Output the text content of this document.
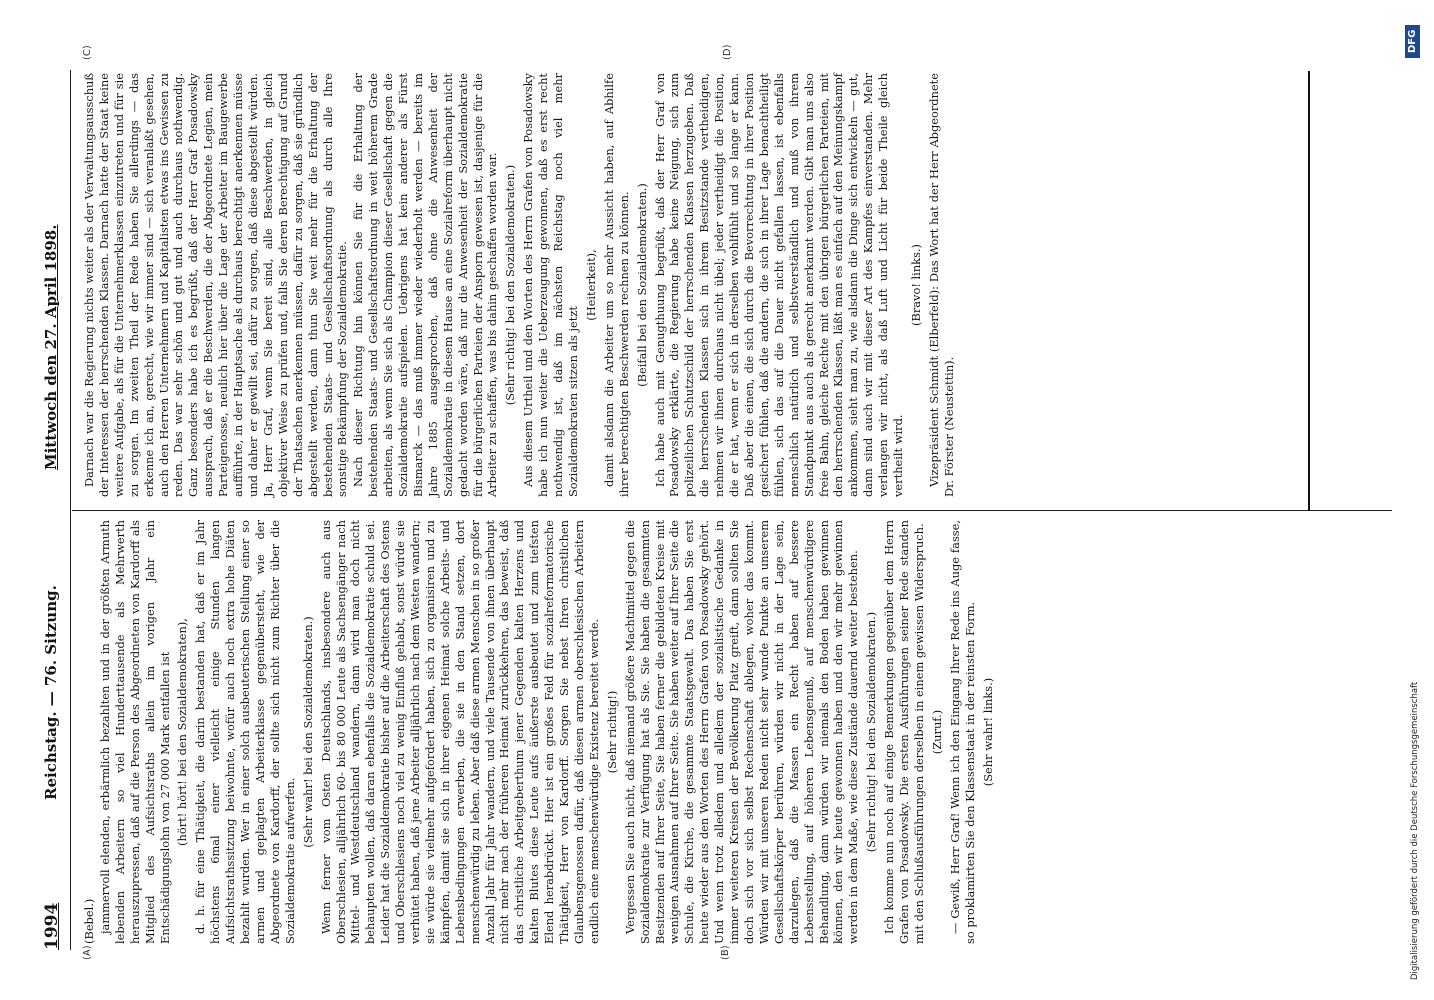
1994
Reichstag. — 76. Sitzung.
Mittwoch den 27. April 1898.
(A)	(B)
(C)	(D)

(Bebel.) jammervoll elenden, erbärmlich bezahlten und in der größten Armuth lebenden Arbeitern so viel Hunderttausende als Mehrwerth herauszupressen, daß auf die Person des Abgeordneten von Kardorff als Mitglied des Aufsichtsraths allein im vorigen Jahr ein Entschädigungslohn von 27 000 Mark entfallen ist (hört! hört! bei den Sozialdemokraten), d. h. für eine Thätigkeit, die darin bestanden hat, daß er im Jahr höchstens 6mal einer vielleicht einige Stunden langen Aufsichtsrathssitzung beiwohnte, wofür auch noch extra hohe Diäten bezahlt wurden. Wer in einer solch ausbeuterischen Stellung einer so armen und geplagten Arbeiterklasse gegenübersteht, wie der Abgeordnete von Kardorff, der sollte sich nicht zum Richter über die Sozialdemokratie aufwerfen.

(Sehr wahr! bei den Sozialdemokraten.) Wenn ferner vom Osten Deutschlands, insbesondere auch aus Oberschlesien, alljährlich 60- bis 80 000 Leute als Sachsengänger nach Mittel- und Westdeutschland wandern, dann wird man doch nicht behaupten wollen, daß daran ebenfalls die Sozialdemokratie schuld sei. Leider hat die Sozialdemokratie bisher auf die Arbeiterschaft des Ostens und Oberschlesiens noch viel zu wenig Einfluß gehabt, sonst würde sie verhütet haben, daß jene Arbeiter alljährlich nach dem Westen wandern; sie würde sie vielmehr aufgefordert haben, sich zu organisiren und zu kämpfen, damit sie sich in ihrer eigenen Heimat solche Arbeits- und Lebensbedingungen erwerben, die sie in den Stand setzen, dort menschenwürdig zu leben. Aber daß diese armen Menschen in so großer Anzahl Jahr für Jahr wandern, und viele Tausende von ihnen überhaupt nicht mehr nach der früheren Heimat zurückkehren, das beweist, daß das christliche Arbeitgeberthum jener Gegenden kalten Herzens und kalten Blutes diese Leute aufs äußerste ausbeutet und zum tiefsten Elend herabdrückt. Hier ist ein großes Feld für sozialreformatorische Thätigkeit, Herr von Kardorff. Sorgen Sie nebst Ihren christlichen Glaubensgenossen dafür, daß diesen armen oberschlesischen Arbeitern endlich eine menschenwürdige Existenz bereitet werde. (Sehr richtig!) Vergessen Sie auch nicht, daß niemand größere Machtmittel gegen die Sozialdemokratie zur Verfügung hat als Sie. Sie haben die gesammten Besitzenden auf Ihrer Seite, Sie haben ferner die gebildeten Kreise mit wenigen Ausnahmen auf Ihrer Seite. Sie haben weiter auf Ihrer Seite die Schule, die Kirche, die gesammte Staatsgewalt. Das haben Sie erst heute wieder aus den Worten des Herrn Grafen von Posadowsky gehört. Und wenn trotz alledem und alledem der sozialistische Gedanke in immer weiteren Kreisen der Bevölkerung Platz greift, dann sollten Sie doch sich vor sich selbst Rechenschaft ablegen, woher das kommt. Würden wir mit unseren Reden nicht sehr wunde Punkte an unserem Gesellschaftskörper berühren, würden wir nicht in der Lage sein, darzulegen, daß die Massen ein Recht haben auf bessere Lebensstellung, auf höheren Lebensgenuß, auf menschenwürdigere Behandlung, dann würden wir niemals den Boden haben gewinnen können, den wir heute gewonnen haben und den wir mehr gewinnen werden in dem Maße, wie diese Zustände dauernd weiter bestehen. (Sehr richtig! bei den Sozialdemokraten.) Ich komme nun noch auf einige Bemerkungen gegenüber dem Herrn Grafen von Posadowsky. Die ersten Ausführungen seiner Rede standen mit den Schlußausführungen derselben in einem gewissen Widerspruch. (Zuruf.) — Gewiß, Herr Graf! Wenn ich den Eingang Ihrer Rede ins Auge fasse, so proklamirten Sie den Klassenstaat in der reinsten Form. (Sehr wahr! links.)

Darnach war die Regierung nichts weiter als der Verwaltungsausschuß der Interessen der herrschenden Klassen. Darnach hatte der Staat keine weitere Aufgabe, als für die Unternehmerklassen einzutreten und für sie zu sorgen. Im zweiten Theil der Rede haben Sie allerdings — das erkenne ich an, gerecht, wie wir immer sind — sich veranlaßt gesehen, auch den Herren Unternehmern und Kapitalisten etwas ins Gewissen zu reden. Das war sehr schön und gut und auch durchaus nothwendig. Ganz besonders habe ich es begrüßt, daß der Herr Graf Posadowsky aussprach, daß er die Beschwerden, die der Abgeordnete Legien, mein Parteigenosse, neulich hier über die Lage der Arbeiter im Baugewerbe aufführte, in der Hauptsache als durchaus berechtigt anerkennen müsse und daher er gewillt sei, dafür zu sorgen, daß diese abgestellt würden. Ja, Herr Graf, wenn Sie bereit sind, alle Beschwerden, in gleich objektiver Weise zu prüfen und, falls Sie deren Berechtigung auf Grund der Thatsachen anerkennen müssen, dafür zu sorgen, daß sie gründlich abgestellt werden, dann thun Sie weit mehr für die Erhaltung der bestehenden Staats- und Gesellschaftsordnung als durch alle Ihre sonstige Bekämpfung der Sozialdemokratie. Nach dieser Richtung hin können Sie für die Erhaltung der bestehenden Staats- und Gesellschaftsordnung in weit höherem Grade arbeiten, als wenn Sie sich als Champion dieser Gesellschaft gegen die Sozialdemokratie aufspielen. Uebrigens hat kein anderer als Fürst Bismarck — das muß immer wieder wiederholt werden — bereits im Jahre 1885 ausgesprochen, daß ohne die Anwesenheit der Sozialdemokratie in diesem Hause an eine Sozialreform überhaupt nicht gedacht worden wäre, daß nur die Anwesenheit der Sozialdemokratie für die bürgerlichen Parteien der Ansporn gewesen ist, dasjenige für die Arbeiter zu schaffen, was bis dahin geschaffen worden war. (Sehr richtig! bei den Sozialdemokraten.) Aus diesem Urtheil und den Worten des Herrn Grafen von Posadowsky habe ich nun weiter die Ueberzeugung gewonnen, daß es erst recht nothwendig ist, daß im nächsten Reichstag noch viel mehr Sozialdemokraten sitzen als jetzt

(Heiterkeit), damit alsdann die Arbeiter um so mehr Aussicht haben, auf Abhilfe ihrer berechtigten Beschwerden rechnen zu können. (Beifall bei den Sozialdemokraten.) Ich habe auch mit Genugthuung begrüßt, daß der Herr Graf von Posadowsky erklärte, die Regierung habe keine Neigung, sich zum polizeilichen Schutzschild der herrschenden Klassen herzugeben. Daß die herrschenden Klassen sich in ihrem Besitzstande vertheidigen, nehmen wir ihnen durchaus nicht übel; jeder vertheidigt die Position, die er hat, wenn er sich in derselben wohlfühlt und so lange er kann. Daß aber die einen, die sich durch die Bevorrechtung in ihrer Position gesichert fühlen, daß die andern, die sich in ihrer Lage benachtheiligt fühlen, sich das auf die Dauer nicht gefallen lassen, ist ebenfalls menschlich natürlich und selbstverständlich und muß von ihrem Standpunkt aus auch als gerecht anerkannt werden. Gibt man uns also freie Bahn, gleiche Rechte mit den übrigen bürgerlichen Parteien, mit den herrschenden Klassen, läßt man es einfach auf den Meinungskampf ankommen, sieht man zu, wie alsdann die Dinge sich entwickeln — gut, dann sind auch wir mit dieser Art des Kampfes einverstanden. Mehr verlangen wir nicht, als daß Luft und Licht für beide Theile gleich vertheilt wird.

(Bravo! links.) Vizepräsident Schmidt (Elberfeld): Das Wort hat der Herr Abgeordnete Dr. Förster (Neustettin).

Digitalisierung gefördert durch die Deutsche Forschungsgemeinschaft
DFG
